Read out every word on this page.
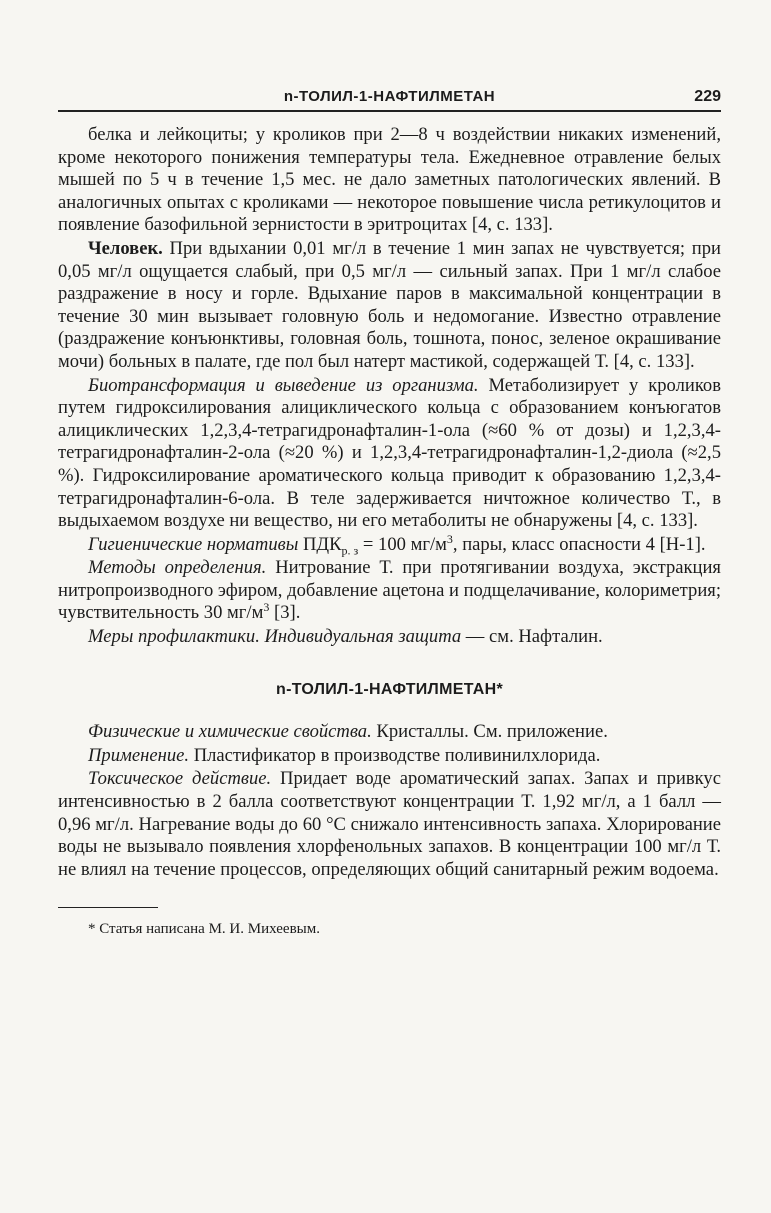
n-ТОЛИЛ-1-НАФТИЛМЕТАН	229

белка и лейкоциты; у кроликов при 2—8 ч воздействии никаких изменений, кроме некоторого понижения температуры тела. Ежедневное отравление белых мышей по 5 ч в течение 1,5 мес. не дало заметных патологических явлений. В аналогичных опытах с кроликами — некоторое повышение числа ретикулоцитов и появление базофильной зернистости в эритроцитах [4, с. 133].

Человек. При вдыхании 0,01 мг/л в течение 1 мин запах не чувствуется; при 0,05 мг/л ощущается слабый, при 0,5 мг/л — сильный запах. При 1 мг/л слабое раздражение в носу и горле. Вдыхание паров в максимальной концентрации в течение 30 мин вызывает головную боль и недомогание. Известно отравление (раздражение конъюнктивы, головная боль, тошнота, понос, зеленое окрашивание мочи) больных в палате, где пол был натерт мастикой, содержащей Т. [4, с. 133].

Биотрансформация и выведение из организма. Метаболизирует у кроликов путем гидроксилирования алициклического кольца с образованием конъюгатов алициклических 1,2,3,4-тетрагидронафталин-1-ола (≈60 % от дозы) и 1,2,3,4-тетрагидронафталин-2-ола (≈20 %) и 1,2,3,4-тетрагидронафталин-1,2-диола (≈2,5 %). Гидроксилирование ароматического кольца приводит к образованию 1,2,3,4-тетрагидронафталин-6-ола. В теле задерживается ничтожное количество Т., в выдыхаемом воздухе ни вещество, ни его метаболиты не обнаружены [4, с. 133].

Гигиенические нормативы $ПДК_{р. з} = 100$ $мг/м^3$, пары, класс опасности 4 [Н-1].

Методы определения. Нитрование Т. при протягивании воздуха, экстракция нитропроизводного эфиром, добавление ацетона и подщелачивание, колориметрия; чувствительность 30 $мг/м^3$ [3].

Меры профилактики. Индивидуальная защита — см. Нафталин.

n-ТОЛИЛ-1-НАФТИЛМЕТАН*

Физические и химические свойства. Кристаллы. См. приложение.

Применение. Пластификатор в производстве поливинилхлорида.

Токсическое действие. Придает воде ароматический запах. Запах и привкус интенсивностью в 2 балла соответствуют концентрации Т. 1,92 мг/л, а 1 балл — 0,96 мг/л. Нагревание воды до 60 °С снижало интенсивность запаха. Хлорирование воды не вызывало появления хлорфенольных запахов. В концентрации 100 мг/л Т. не влиял на течение процессов, определяющих общий санитарный режим водоема.

* Статья написана М. И. Михеевым.
